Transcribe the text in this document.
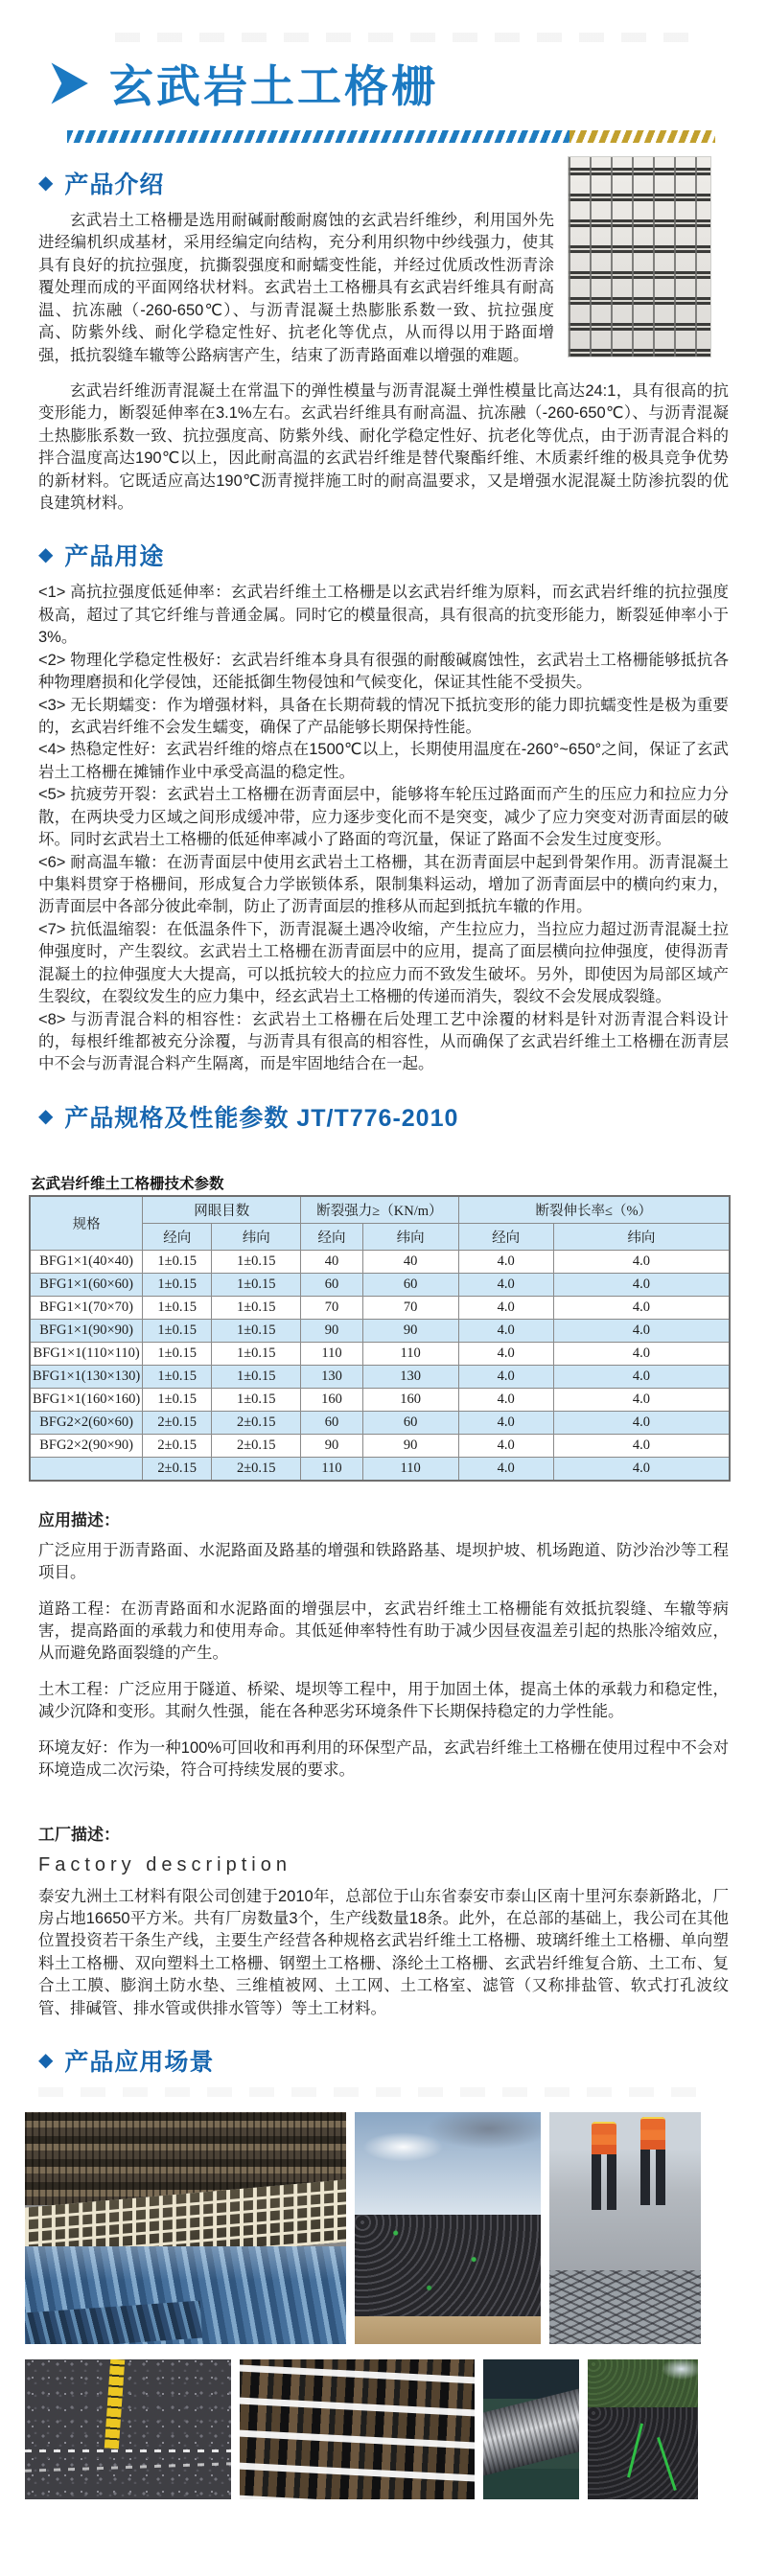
玄武岩土工格栅
◆ 产品介绍

玄武岩土工格栅是选用耐碱耐酸耐腐蚀的玄武岩纤维纱，利用国外先进经编机织成基材，采用经编定向结构，充分利用织物中纱线强力，使其具有良好的抗拉强度，抗撕裂强度和耐蠕变性能，并经过优质改性沥青涂覆处理而成的平面网络状材料。玄武岩土工格栅具有玄武岩纤维具有耐高温、抗冻融（-260-650℃）、与沥青混凝土热膨胀系数一致、抗拉强度高、防紫外线、耐化学稳定性好、抗老化等优点，从而得以用于路面增强，抵抗裂缝车辙等公路病害产生，结束了沥青路面难以增强的难题。

玄武岩纤维沥青混凝土在常温下的弹性模量与沥青混凝土弹性模量比高达24:1，具有很高的抗变形能力，断裂延伸率在3.1%左右。玄武岩纤维具有耐高温、抗冻融（-260-650℃）、与沥青混凝土热膨胀系数一致、抗拉强度高、防紫外线、耐化学稳定性好、抗老化等优点，由于沥青混合料的拌合温度高达190℃以上，因此耐高温的玄武岩纤维是替代聚酯纤维、木质素纤维的极具竞争优势的新材料。它既适应高达190℃沥青搅拌施工时的耐高温要求，又是增强水泥混凝土防渗抗裂的优良建筑材料。

◆ 产品用途

<1> 高抗拉强度低延伸率：玄武岩纤维土工格栅是以玄武岩纤维为原料，而玄武岩纤维的抗拉强度极高，超过了其它纤维与普通金属。同时它的模量很高，具有很高的抗变形能力，断裂延伸率小于3%。

<2> 物理化学稳定性极好：玄武岩纤维本身具有很强的耐酸碱腐蚀性，玄武岩土工格栅能够抵抗各种物理磨损和化学侵蚀，还能抵御生物侵蚀和气候变化，保证其性能不受损失。

<3> 无长期蠕变：作为增强材料，具备在长期荷载的情况下抵抗变形的能力即抗蠕变性是极为重要的，玄武岩纤维不会发生蠕变，确保了产品能够长期保持性能。

<4> 热稳定性好：玄武岩纤维的熔点在1500℃以上，长期使用温度在-260°~650°之间，保证了玄武岩土工格栅在摊铺作业中承受高温的稳定性。

<5> 抗疲劳开裂：玄武岩土工格栅在沥青面层中，能够将车轮压过路面而产生的压应力和拉应力分散，在两块受力区域之间形成缓冲带，应力逐步变化而不是突变，减少了应力突变对沥青面层的破坏。同时玄武岩土工格栅的低延伸率减小了路面的弯沉量，保证了路面不会发生过度变形。

<6> 耐高温车辙：在沥青面层中使用玄武岩土工格栅，其在沥青面层中起到骨架作用。沥青混凝土中集料贯穿于格栅间，形成复合力学嵌锁体系，限制集料运动，增加了沥青面层中的横向约束力，沥青面层中各部分彼此牵制，防止了沥青面层的推移从而起到抵抗车辙的作用。

<7> 抗低温缩裂：在低温条件下，沥青混凝土遇冷收缩，产生拉应力，当拉应力超过沥青混凝土拉伸强度时，产生裂纹。玄武岩土工格栅在沥青面层中的应用，提高了面层横向拉伸强度，使得沥青混凝土的拉伸强度大大提高，可以抵抗较大的拉应力而不致发生破坏。另外，即使因为局部区域产生裂纹，在裂纹发生的应力集中，经玄武岩土工格栅的传递而消失，裂纹不会发展成裂缝。

<8> 与沥青混合料的相容性：玄武岩土工格栅在后处理工艺中涂覆的材料是针对沥青混合料设计的，每根纤维都被充分涂覆，与沥青具有很高的相容性，从而确保了玄武岩纤维土工格栅在沥青层中不会与沥青混合料产生隔离，而是牢固地结合在一起。

◆ 产品规格及性能参数 JT/T776-2010
玄武岩纤维土工格栅技术参数
规格	网眼目数		断裂强力≥（KN/m）		断裂伸长率≤（%）	
	经向	纬向	经向	纬向	经向	纬向
BFG1×1(40×40)	1±0.15	1±0.15	40	40	4.0	4.0
BFG1×1(60×60)	1±0.15	1±0.15	60	60	4.0	4.0
BFG1×1(70×70)	1±0.15	1±0.15	70	70	4.0	4.0
BFG1×1(90×90)	1±0.15	1±0.15	90	90	4.0	4.0
BFG1×1(110×110)	1±0.15	1±0.15	110	110	4.0	4.0
BFG1×1(130×130)	1±0.15	1±0.15	130	130	4.0	4.0
BFG1×1(160×160)	1±0.15	1±0.15	160	160	4.0	4.0
BFG2×2(60×60)	2±0.15	2±0.15	60	60	4.0	4.0
BFG2×2(90×90)	2±0.15	2±0.15	90	90	4.0	4.0
	2±0.15	2±0.15	110	110	4.0	4.0
应用描述：

广泛应用于沥青路面、水泥路面及路基的增强和铁路路基、堤坝护坡、机场跑道、防沙治沙等工程项目。

道路工程：在沥青路面和水泥路面的增强层中，玄武岩纤维土工格栅能有效抵抗裂缝、车辙等病害，提高路面的承载力和使用寿命。其低延伸率特性有助于减少因昼夜温差引起的热胀冷缩效应，从而避免路面裂缝的产生。

土木工程：广泛应用于隧道、桥梁、堤坝等工程中，用于加固土体，提高土体的承载力和稳定性，减少沉降和变形。其耐久性强，能在各种恶劣环境条件下长期保持稳定的力学性能。

环境友好：作为一种100%可回收和再利用的环保型产品，玄武岩纤维土工格栅在使用过程中不会对环境造成二次污染，符合可持续发展的要求。

工厂描述：
Factory description

泰安九洲土工材料有限公司创建于2010年，总部位于山东省泰安市泰山区南十里河东泰新路北，厂房占地16650平方米。共有厂房数量3个，生产线数量18条。此外，在总部的基础上，我公司在其他位置投资若干条生产线，主要生产经营各种规格玄武岩纤维土工格栅、玻璃纤维土工格栅、单向塑料土工格栅、双向塑料土工格栅、钢塑土工格栅、涤纶土工格栅、玄武岩纤维复合筋、土工布、复合土工膜、膨润土防水垫、三维植被网、土工网、土工格室、滤管（又称排盐管、软式打孔波纹管、排碱管、排水管或供排水管等）等土工材料。

◆ 产品应用场景
